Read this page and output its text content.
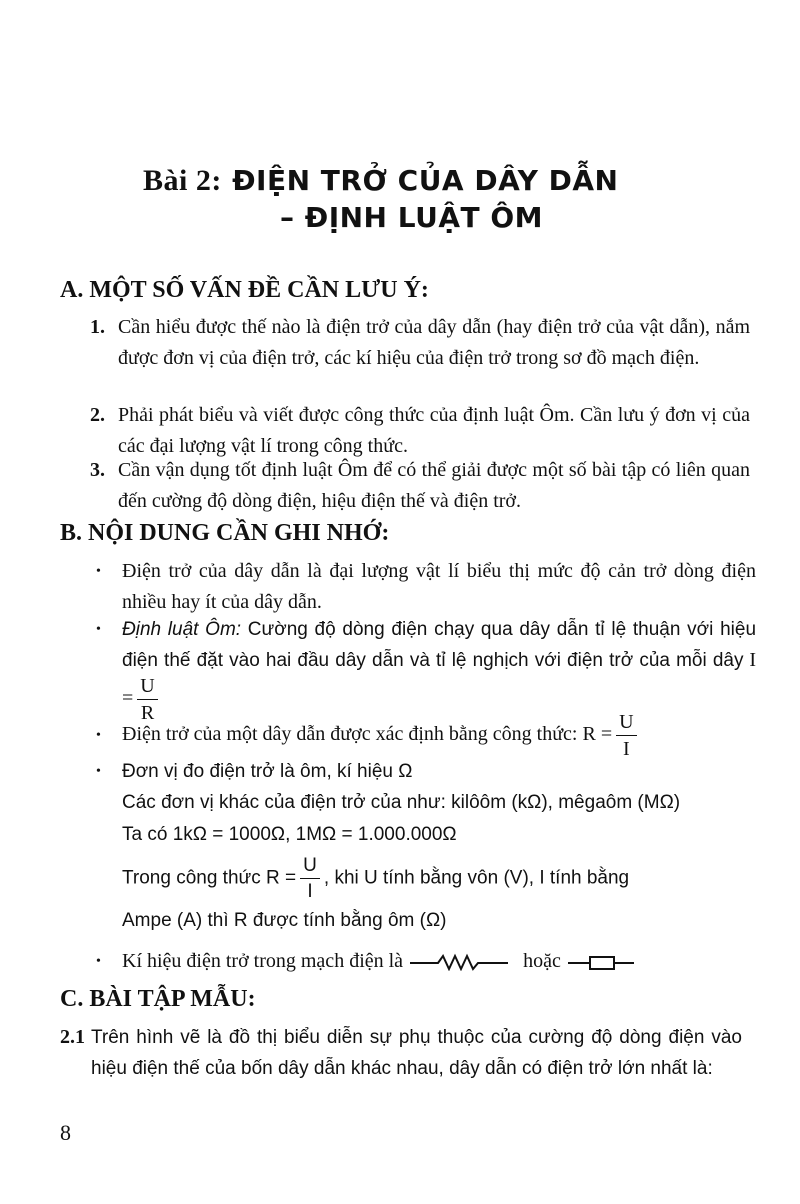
Bài 2: ĐIỆN TRỞ CỦA DÂY DẪN
– ĐỊNH LUẬT ÔM
A. MỘT SỐ VẤN ĐỀ CẦN LƯU Ý:
1. Cần hiểu được thế nào là điện trở của dây dẫn (hay điện trở của vật dẫn), nắm được đơn vị của điện trở, các kí hiệu của điện trở trong sơ đồ mạch điện.
2. Phải phát biểu và viết được công thức của định luật Ôm. Cần lưu ý đơn vị của các đại lượng vật lí trong công thức.
3. Cần vận dụng tốt định luật Ôm để có thể giải được một số bài tập có liên quan đến cường độ dòng điện, hiệu điện thế và điện trở.
B. NỘI DUNG CẦN GHI NHỚ:
• Điện trở của dây dẫn là đại lượng vật lí biểu thị mức độ cản trở dòng điện nhiều hay ít của dây dẫn.
• Định luật Ôm: Cường độ dòng điện chạy qua dây dẫn tỉ lệ thuận với hiệu điện thế đặt vào hai đầu dây dẫn và tỉ lệ nghịch với điện trở của mỗi dây $I = \frac{U}{R}$
• Điện trở của một dây dẫn được xác định bằng công thức: $R = \frac{U}{I}$
• Đơn vị đo điện trở là ôm, kí hiệu Ω
Các đơn vị khác của điện trở của như: kilôôm (kΩ), mêgaôm (MΩ)
Ta có 1kΩ = 1000Ω, 1MΩ = 1.000.000Ω
Trong công thức $R = \frac{U}{I}$ , khi U tính bằng vôn (V), I tính bằng
Ampe (A) thì R được tính bằng ôm (Ω)
• Kí hiệu điện trở trong mạch điện là	hoặc
C. BÀI TẬP MẪU:
2.1 Trên hình vẽ là đồ thị biểu diễn sự phụ thuộc của cường độ dòng điện vào hiệu điện thế của bốn dây dẫn khác nhau, dây dẫn có điện trở lớn nhất là:
8
